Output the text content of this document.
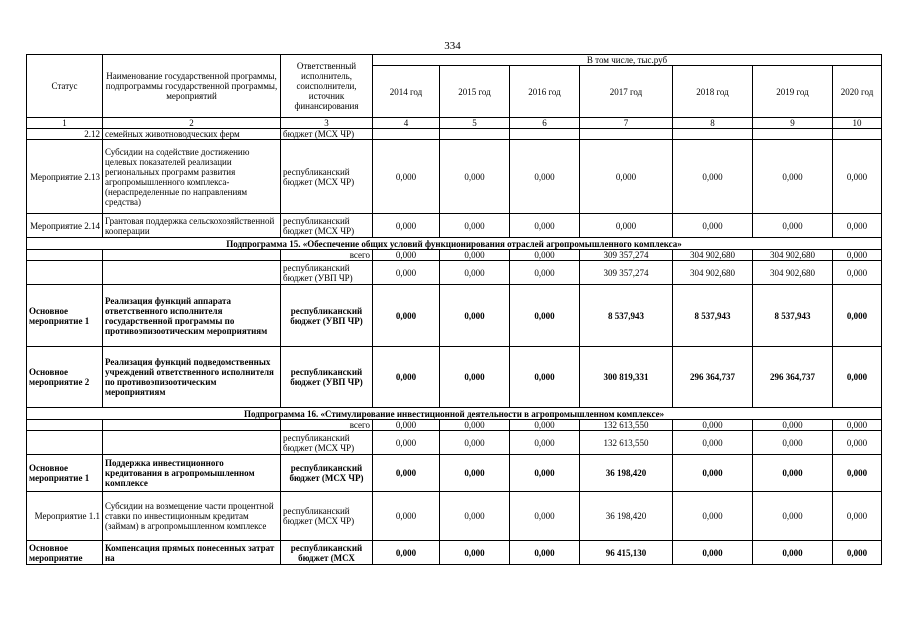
334
Статус	Наименование государственной программы, подпрограммы государственной программы, мероприятий	Ответственный исполнитель, соисполнители, источник финансирования	В том числе, тыс.руб						
			2014 год	2015 год	2016 год	2017 год	2018 год	2019 год	2020 год
1	2	3	4	5	6	7	8	9	10
2.12	семейных животноводческих ферм	бюджет (МСХ ЧР)							
Мероприятие 2.13	Субсидии на содействие достижению целевых показателей реализации региональных программ развития агропромышленного комплекса- (нераспределенные по направлениям средства)	республиканский бюджет (МСХ ЧР)	0,000	0,000	0,000	0,000	0,000	0,000	0,000
Мероприятие 2.14	Грантовая поддержка сельскохозяйственной кооперации	республиканский бюджет (МСХ ЧР)	0,000	0,000	0,000	0,000	0,000	0,000	0,000
Подпрограмма 15. «Обеспечение общих условий функционирования отраслей агропромышленного комплекса»									
		всего	0,000	0,000	0,000	309 357,274	304 902,680	304 902,680	0,000
		республиканский бюджет (УВП ЧР)	0,000	0,000	0,000	309 357,274	304 902,680	304 902,680	0,000
Основное мероприятие 1	Реализация функций аппарата ответственного исполнителя государственной программы по противоэпизоотическим мероприятиям	республиканский бюджет (УВП ЧР)	0,000	0,000	0,000	8 537,943	8 537,943	8 537,943	0,000
Основное мероприятие 2	Реализация функций подведомственных учреждений ответственного исполнителя по противоэпизоотическим мероприятиям	республиканский бюджет (УВП ЧР)	0,000	0,000	0,000	300 819,331	296 364,737	296 364,737	0,000
Подпрограмма 16. «Стимулирование инвестиционной деятельности в агропромышленном комплексе»									
		всего	0,000	0,000	0,000	132 613,550	0,000	0,000	0,000
		республиканский бюджет (МСХ ЧР)	0,000	0,000	0,000	132 613,550	0,000	0,000	0,000
Основное мероприятие 1	Поддержка инвестиционного кредитования в агропромышленном комплексе	республиканский бюджет (МСХ ЧР)	0,000	0,000	0,000	36 198,420	0,000	0,000	0,000
Мероприятие 1.1	Субсидии на возмещение части процентной ставки по инвестиционным кредитам (займам) в агропромышленном комплексе	республиканский бюджет (МСХ ЧР)	0,000	0,000	0,000	36 198,420	0,000	0,000	0,000
Основное мероприятие	Компенсация прямых понесенных затрат на	республиканский бюджет (МСХ	0,000	0,000	0,000	96 415,130	0,000	0,000	0,000
